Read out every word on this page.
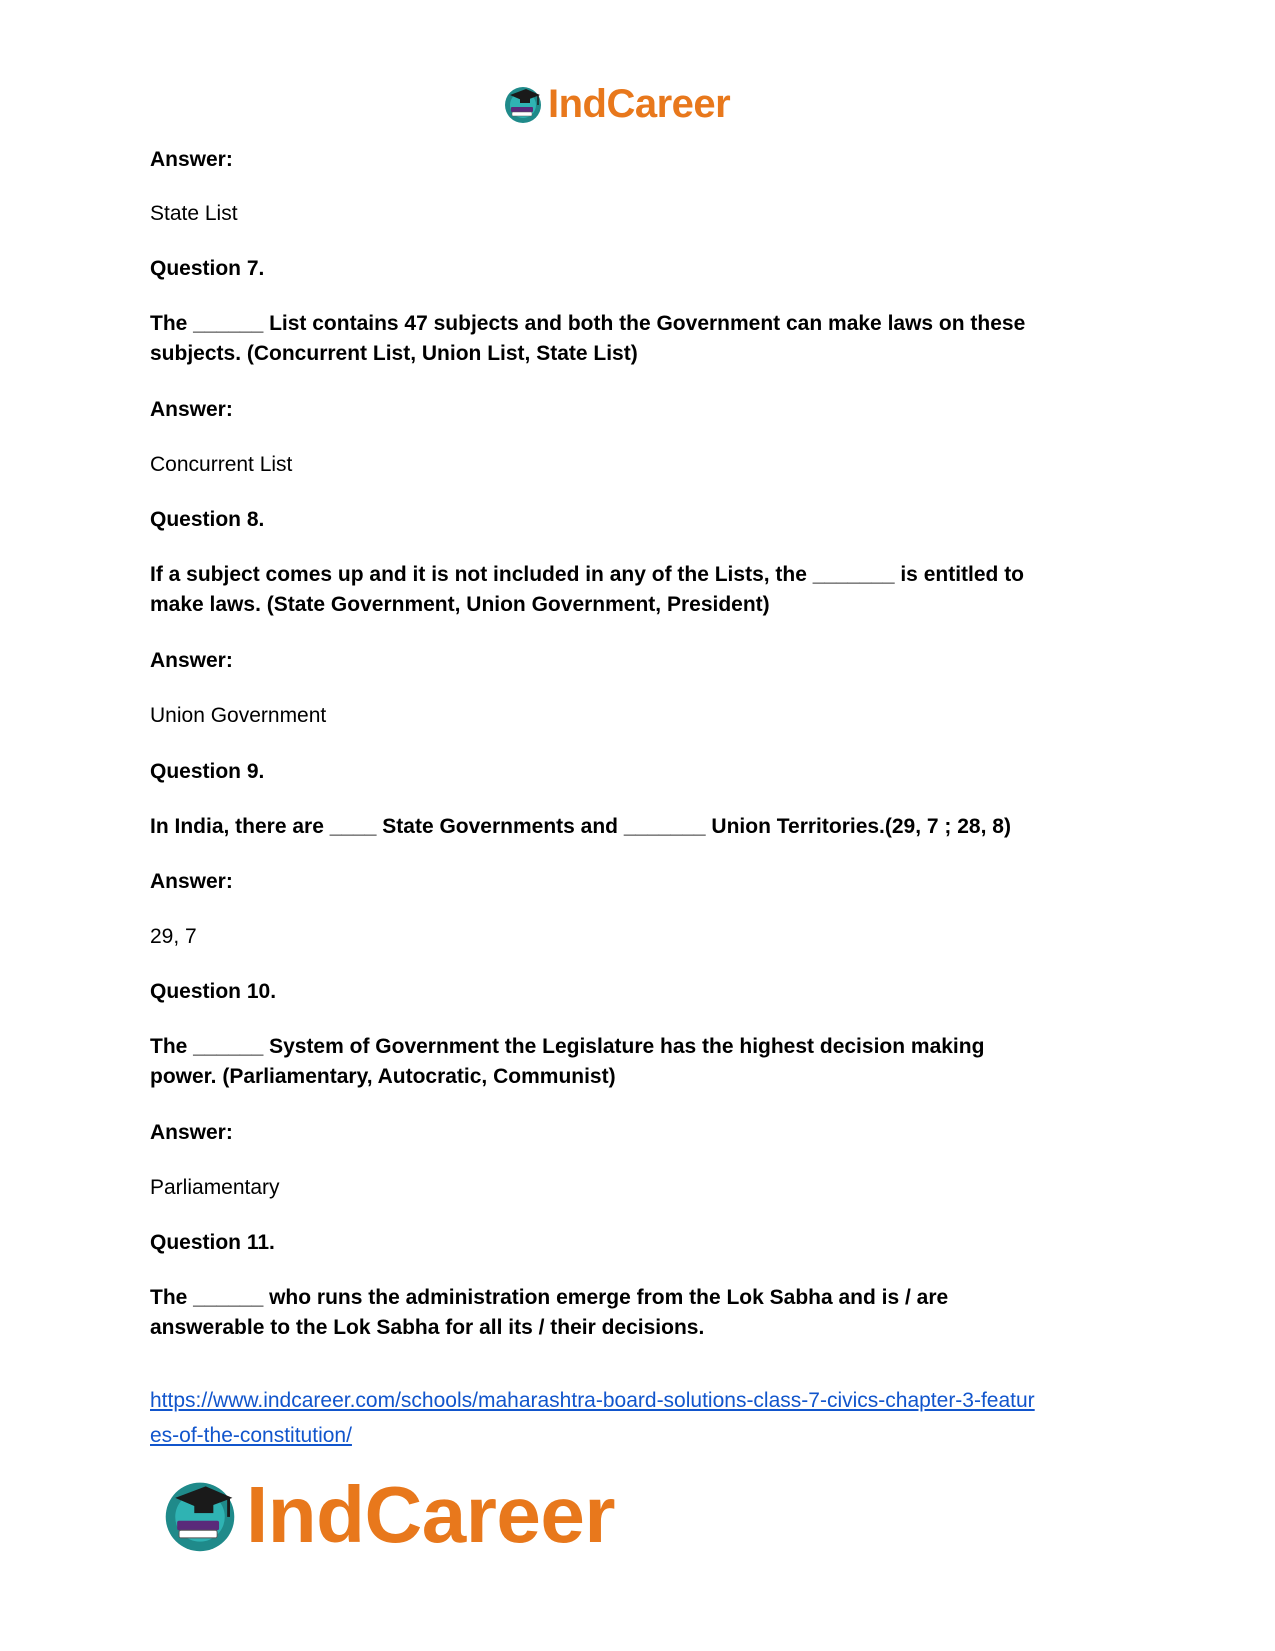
IndCareer
Answer:
State List
Question 7.
The ______ List contains 47 subjects and both the Government can make laws on these
subjects. (Concurrent List, Union List, State List)
Answer:
Concurrent List
Question 8.
If a subject comes up and it is not included in any of the Lists, the _______ is entitled to
make laws. (State Government, Union Government, President)
Answer:
Union Government
Question 9.
In India, there are ____ State Governments and _______ Union Territories.(29, 7 ; 28, 8)
Answer:
29, 7
Question 10.
The ______ System of Government the Legislature has the highest decision making
power. (Parliamentary, Autocratic, Communist)
Answer:
Parliamentary
Question 11.
The ______ who runs the administration emerge from the Lok Sabha and is / are
answerable to the Lok Sabha for all its / their decisions.
https://www.indcareer.com/schools/maharashtra-board-solutions-class-7-civics-chapter-3-featur
es-of-the-constitution/
IndCareer
